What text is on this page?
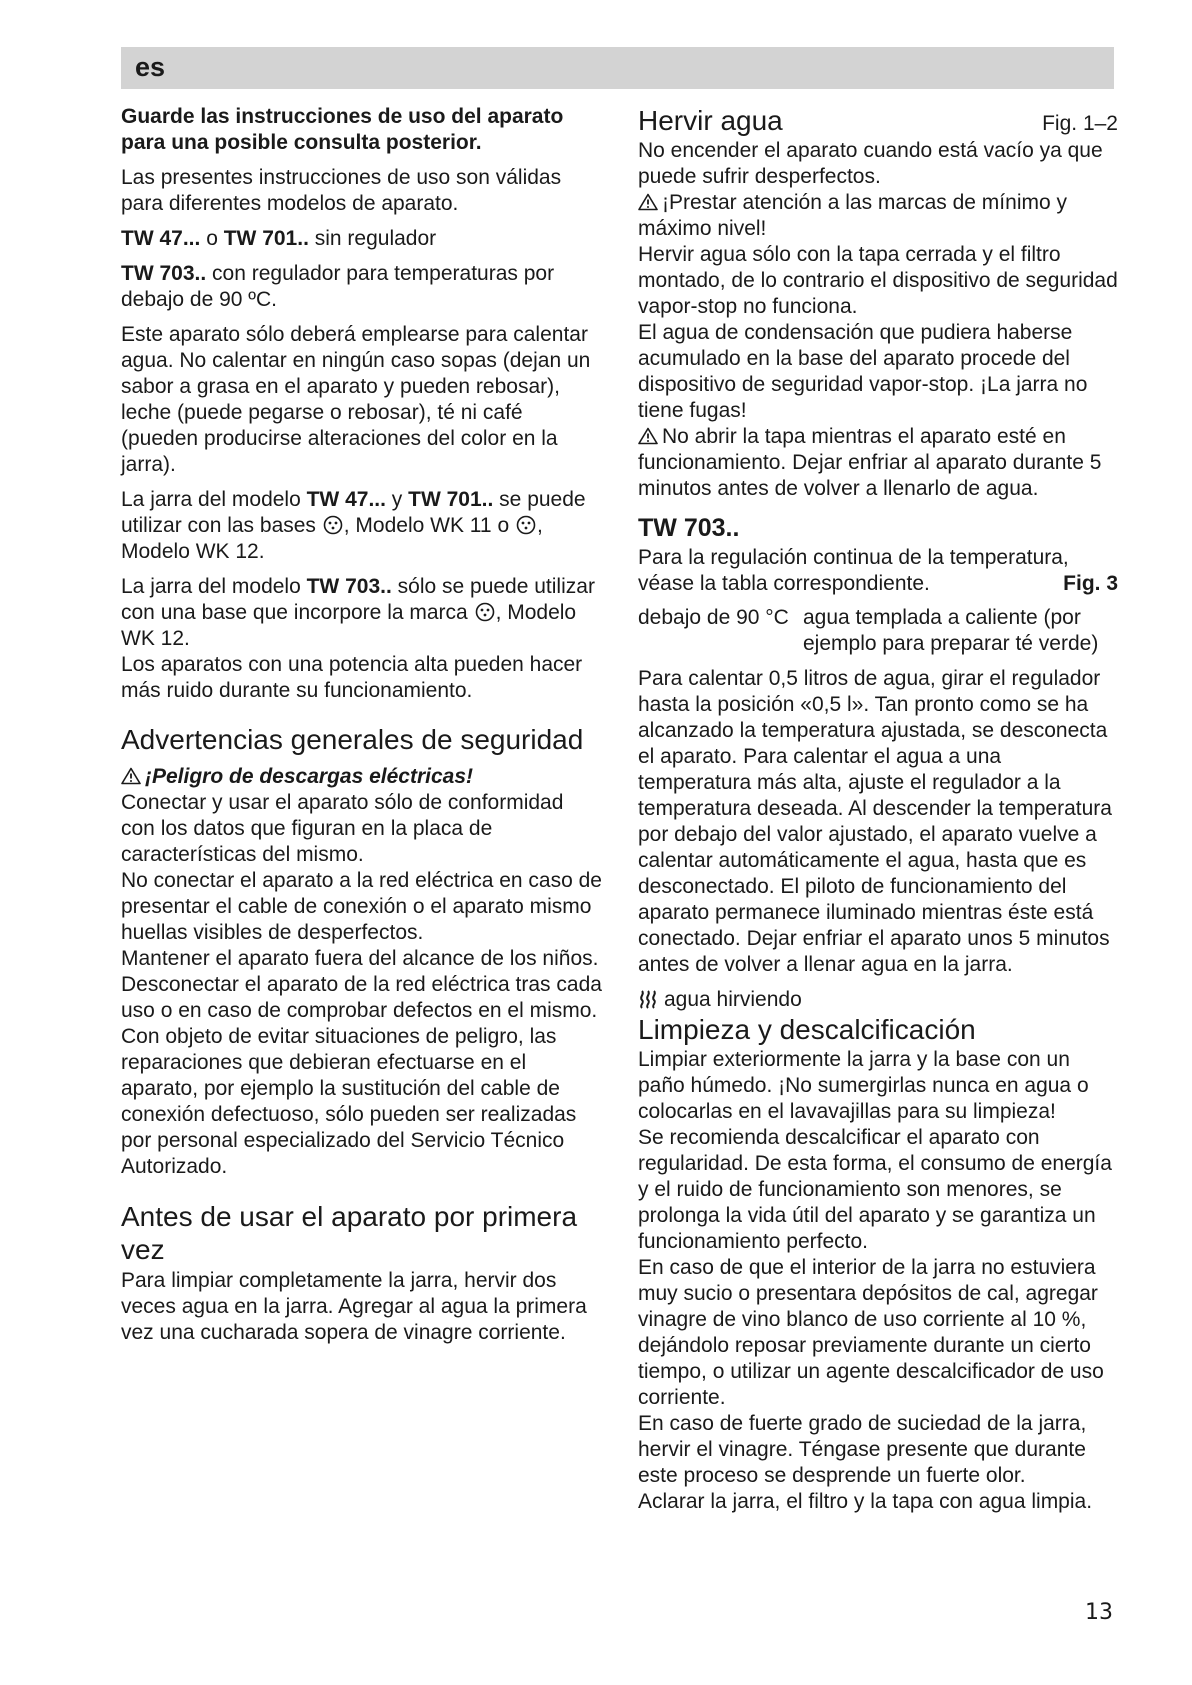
es

Guarde las instrucciones de uso del aparato para una posible consulta posterior.

Las presentes instrucciones de uso son válidas para diferentes modelos de aparato.

TW 47... o TW 701.. sin regulador

TW 703.. con regulador para temperaturas por debajo de 90 ºC.

Este aparato sólo deberá emplearse para calentar agua. No calentar en ningún caso sopas (dejan un sabor a grasa en el aparato y pueden rebosar), leche (puede pegarse o rebosar), té ni café (pueden producirse alteraciones del color en la jarra).

La jarra del modelo TW 47... y TW 701.. se puede utilizar con las bases , Modelo WK 11 o , Modelo WK 12.

La jarra del modelo TW 703.. sólo se puede utilizar con una base que incorpore la marca , Modelo WK 12.

Los aparatos con una potencia alta pueden hacer más ruido durante su funcionamiento.

Advertencias generales de seguridad

¡Peligro de descargas eléctricas!

Conectar y usar el aparato sólo de conformidad con los datos que figuran en la placa de características del mismo.

No conectar el aparato a la red eléctrica en caso de presentar el cable de conexión o el aparato mismo huellas visibles de desperfectos.

Mantener el aparato fuera del alcance de los niños.

Desconectar el aparato de la red eléctrica tras cada uso o en caso de comprobar defectos en el mismo.

Con objeto de evitar situaciones de peligro, las reparaciones que debieran efectuarse en el aparato, por ejemplo la sustitución del cable de conexión defectuoso, sólo pueden ser realizadas por personal especializado del Servicio Técnico Autorizado.

Antes de usar el aparato por primera vez

Para limpiar completamente la jarra, hervir dos veces agua en la jarra. Agregar al agua la primera vez una cucharada sopera de vinagre corriente.

Hervir agua	Fig. 1–2

No encender el aparato cuando está vacío ya que puede sufrir desperfectos.

¡Prestar atención a las marcas de mínimo y máximo nivel!

Hervir agua sólo con la tapa cerrada y el filtro montado, de lo contrario el dispositivo de seguridad vapor-stop no funciona.

El agua de condensación que pudiera haberse acumulado en la base del aparato procede del dispositivo de seguridad vapor-stop. ¡La jarra no tiene fugas!

No abrir la tapa mientras el aparato esté en funcionamiento. Dejar enfriar al aparato durante 5 minutos antes de volver a llenarlo de agua.

TW 703..

Para la regulación continua de la temperatura, véase la tabla correspondiente.	Fig. 3
debajo de 90 °C agua templada a caliente (por ejemplo para preparar té verde)

Para calentar 0,5 litros de agua, girar el regulador hasta la posición «0,5 l». Tan pronto como se ha alcanzado la temperatura ajustada, se desconecta el aparato. Para calentar el agua a una temperatura más alta, ajuste el regulador a la temperatura deseada. Al descender la temperatura por debajo del valor ajustado, el aparato vuelve a calentar automáticamente el agua, hasta que es desconectado. El piloto de funcionamiento del aparato permanece iluminado mientras éste está conectado. Dejar enfriar el aparato unos 5 minutos antes de volver a llenar agua en la jarra.

agua hirviendo

Limpieza y descalcificación

Limpiar exteriormente la jarra y la base con un paño húmedo. ¡No sumergirlas nunca en agua o colocarlas en el lavavajillas para su limpieza!

Se recomienda descalcificar el aparato con regularidad. De esta forma, el consumo de energía y el ruido de funcionamiento son menores, se prolonga la vida útil del aparato y se garantiza un funcionamiento perfecto.

En caso de que el interior de la jarra no estuviera muy sucio o presentara depósitos de cal, agregar vinagre de vino blanco de uso corriente al 10 %, dejándolo reposar previamente durante un cierto tiempo, o utilizar un agente descalcificador de uso corriente.

En caso de fuerte grado de suciedad de la jarra, hervir el vinagre. Téngase presente que durante este proceso se desprende un fuerte olor.

Aclarar la jarra, el filtro y la tapa con agua limpia.

13
